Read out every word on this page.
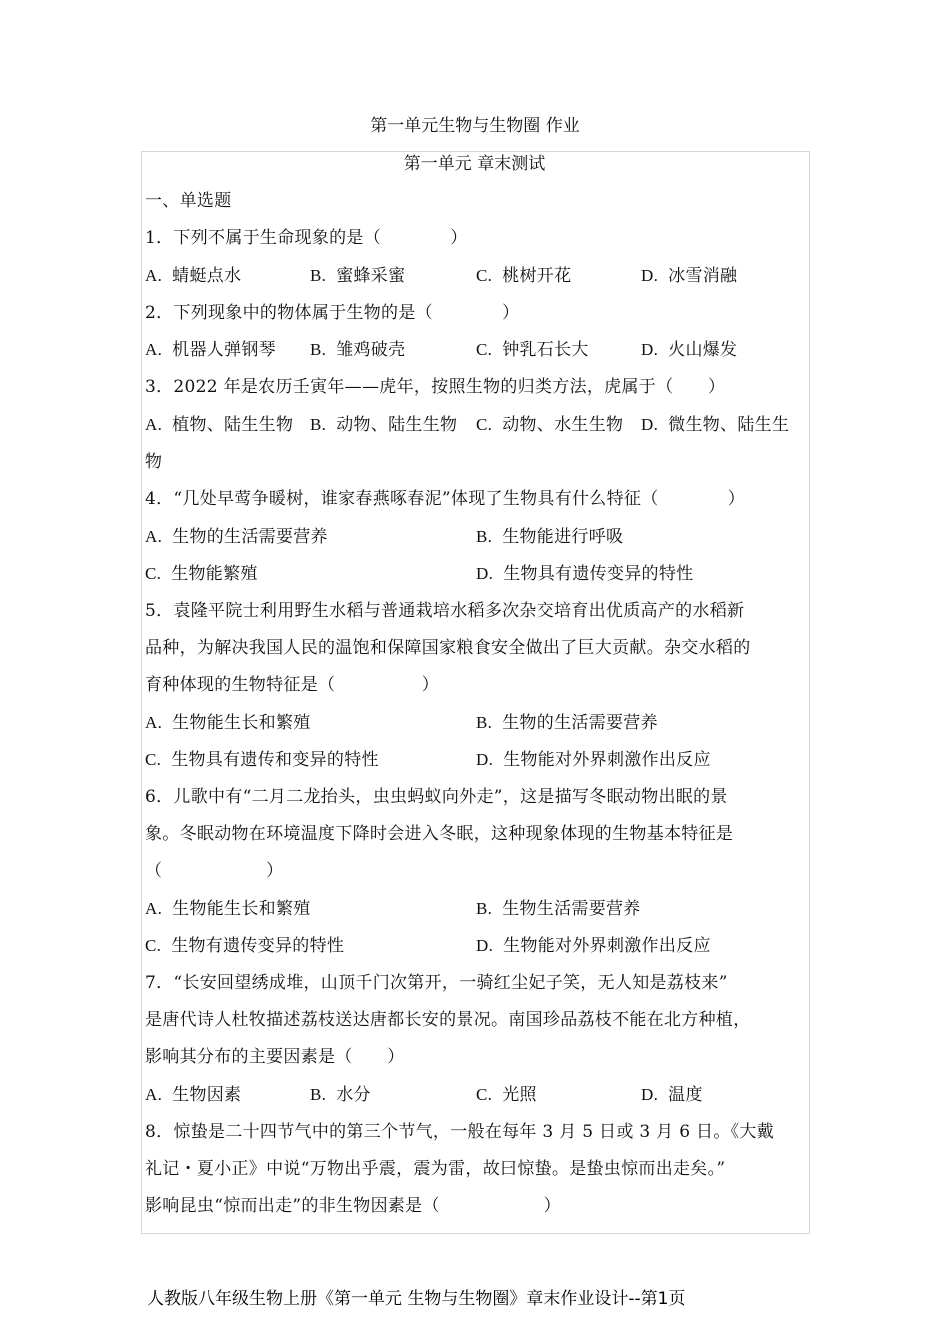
第一单元生物与生物圈 作业
第一单元 章末测试
一、单选题
1．下列不属于生命现象的是（　　　　）
A. 蜻蜓点水	B. 蜜蜂采蜜	C. 桃树开花	D. 冰雪消融
2．下列现象中的物体属于生物的是（　　　　）
A. 机器人弹钢琴 B. 雏鸡破壳	C. 钟乳石长大	D. 火山爆发
3．2022 年是农历壬寅年——虎年，按照生物的归类方法，虎属于（　　）
A. 植物、陆生生物 B. 动物、陆生生物 C. 动物、水生生物 D. 微生物、陆生生
物
4．“几处早莺争暖树，谁家春燕啄春泥”体现了生物具有什么特征（　　　　）
A. 生物的生活需要营养	B. 生物能进行呼吸
C. 生物能繁殖	D. 生物具有遗传变异的特性
5．袁隆平院士利用野生水稻与普通栽培水稻多次杂交培育出优质高产的水稻新
品种，为解决我国人民的温饱和保障国家粮食安全做出了巨大贡献。杂交水稻的
育种体现的生物特征是（　　　　　）
A. 生物能生长和繁殖	B. 生物的生活需要营养
C. 生物具有遗传和变异的特性	D. 生物能对外界刺激作出反应
6．儿歌中有“二月二龙抬头，虫虫蚂蚁向外走”，这是描写冬眠动物出眠的景
象。冬眠动物在环境温度下降时会进入冬眠，这种现象体现的生物基本特征是
（　　　　　　）
A. 生物能生长和繁殖	B. 生物生活需要营养
C. 生物有遗传变异的特性	D. 生物能对外界刺激作出反应
7．“长安回望绣成堆，山顶千门次第开，一骑红尘妃子笑，无人知是荔枝来”
是唐代诗人杜牧描述荔枝送达唐都长安的景况。南国珍品荔枝不能在北方种植，
影响其分布的主要因素是（　　）
A. 生物因素	B. 水分	C. 光照	D. 温度
8．惊蛰是二十四节气中的第三个节气，一般在每年 3 月 5 日或 3 月 6 日。《大戴
礼记・夏小正》中说“万物出乎震，震为雷，故曰惊蛰。是蛰虫惊而出走矣。”
影响昆虫“惊而出走”的非生物因素是（　　　　　　）
人教版八年级生物上册《第一单元 生物与生物圈》章末作业设计--第1页
